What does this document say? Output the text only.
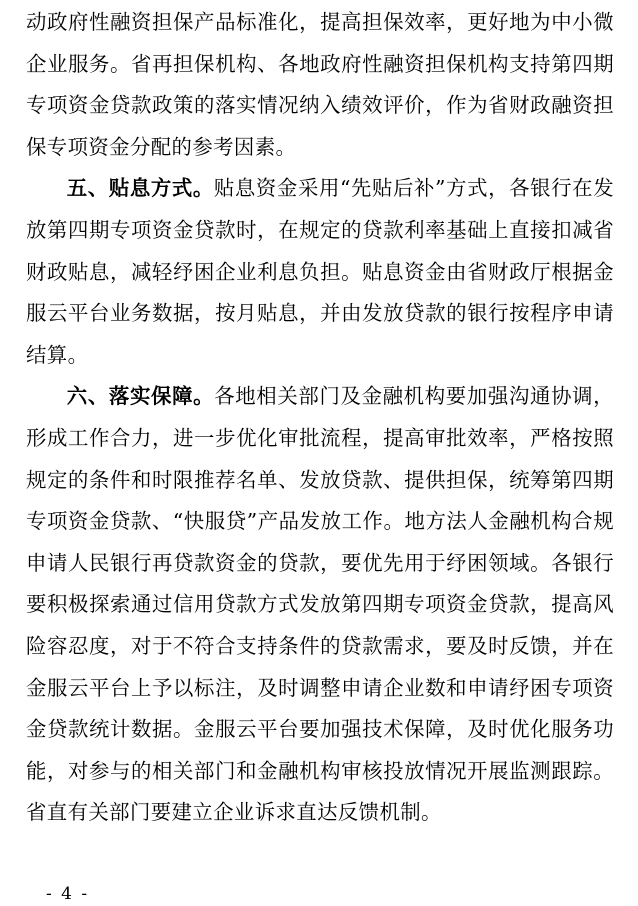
动政府性融资担保产品标准化，提高担保效率，更好地为中小微企业服务。省再担保机构、各地政府性融资担保机构支持第四期专项资金贷款政策的落实情况纳入绩效评价，作为省财政融资担保专项资金分配的参考因素。

五、贴息方式。贴息资金采用“先贴后补”方式，各银行在发放第四期专项资金贷款时，在规定的贷款利率基础上直接扣减省财政贴息，减轻纾困企业利息负担。贴息资金由省财政厅根据金服云平台业务数据，按月贴息，并由发放贷款的银行按程序申请结算。

六、落实保障。各地相关部门及金融机构要加强沟通协调，形成工作合力，进一步优化审批流程，提高审批效率，严格按照规定的条件和时限推荐名单、发放贷款、提供担保，统筹第四期专项资金贷款、“快服贷”产品发放工作。地方法人金融机构合规申请人民银行再贷款资金的贷款，要优先用于纾困领域。各银行要积极探索通过信用贷款方式发放第四期专项资金贷款，提高风险容忍度，对于不符合支持条件的贷款需求，要及时反馈，并在金服云平台上予以标注，及时调整申请企业数和申请纾困专项资金贷款统计数据。金服云平台要加强技术保障，及时优化服务功能，对参与的相关部门和金融机构审核投放情况开展监测跟踪。省直有关部门要建立企业诉求直达反馈机制。

- 4 -
